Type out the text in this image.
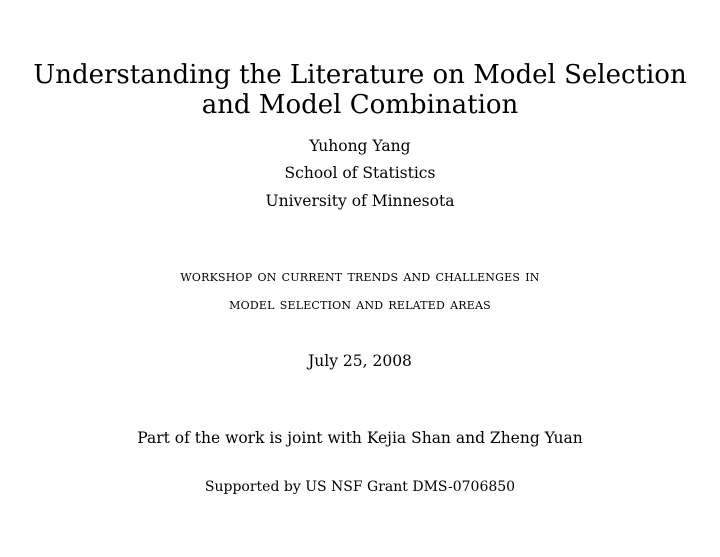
Understanding the Literature on Model Selection
and Model Combination
Yuhong Yang
School of Statistics
University of Minnesota
workshop on current trends and challenges in
model selection and related areas
July 25, 2008
Part of the work is joint with Kejia Shan and Zheng Yuan
Supported by US NSF Grant DMS-0706850
